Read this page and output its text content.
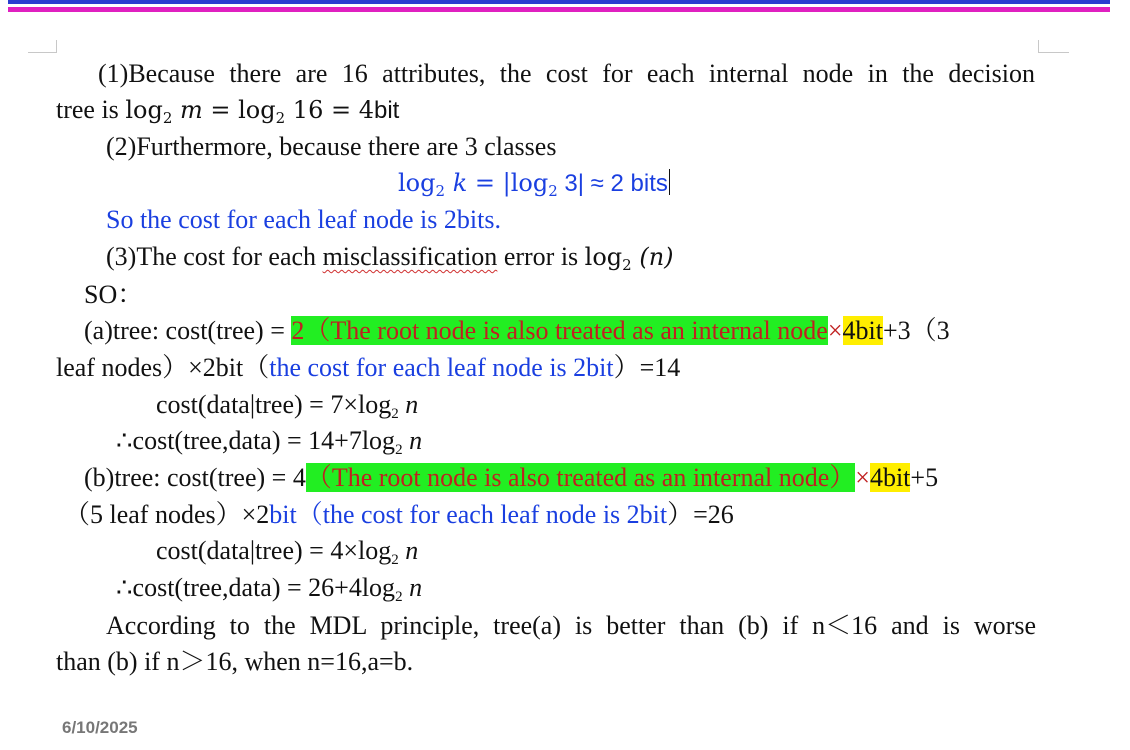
(1)Because there are 16 attributes, the cost for each internal node in the decision
tree is $\log_2 m = \log_2 16 = 4bit$
(2)Furthermore, because there are 3 classes
$\log_2 k = |\log_2$ 3| ≈ 2 bits
So the cost for each leaf node is 2bits.
(3)The cost for each misclassification error is $\log_2 (n)$
SO：
(a)tree: cost(tree) = 2（The root node is also treated as an internal node×4bit+3（3
leaf nodes）×2bit（the cost for each leaf node is 2bit）=14
cost(data|tree) = $7\times\log_2$ n
∴cost(tree,data) = $14+7\log_2$ n
(b)tree: cost(tree) = 4（The root node is also treated as an internal node）×4bit+5
（5 leaf nodes）×2bit（the cost for each leaf node is 2bit）=26
cost(data|tree) = $4\times\log_2$ n
∴cost(tree,data) = $26+4\log_2$ n
According to the MDL principle, tree(a) is better than (b) if n＜16 and is worse
than (b) if n＞16, when n=16,a=b.
6/10/2025
